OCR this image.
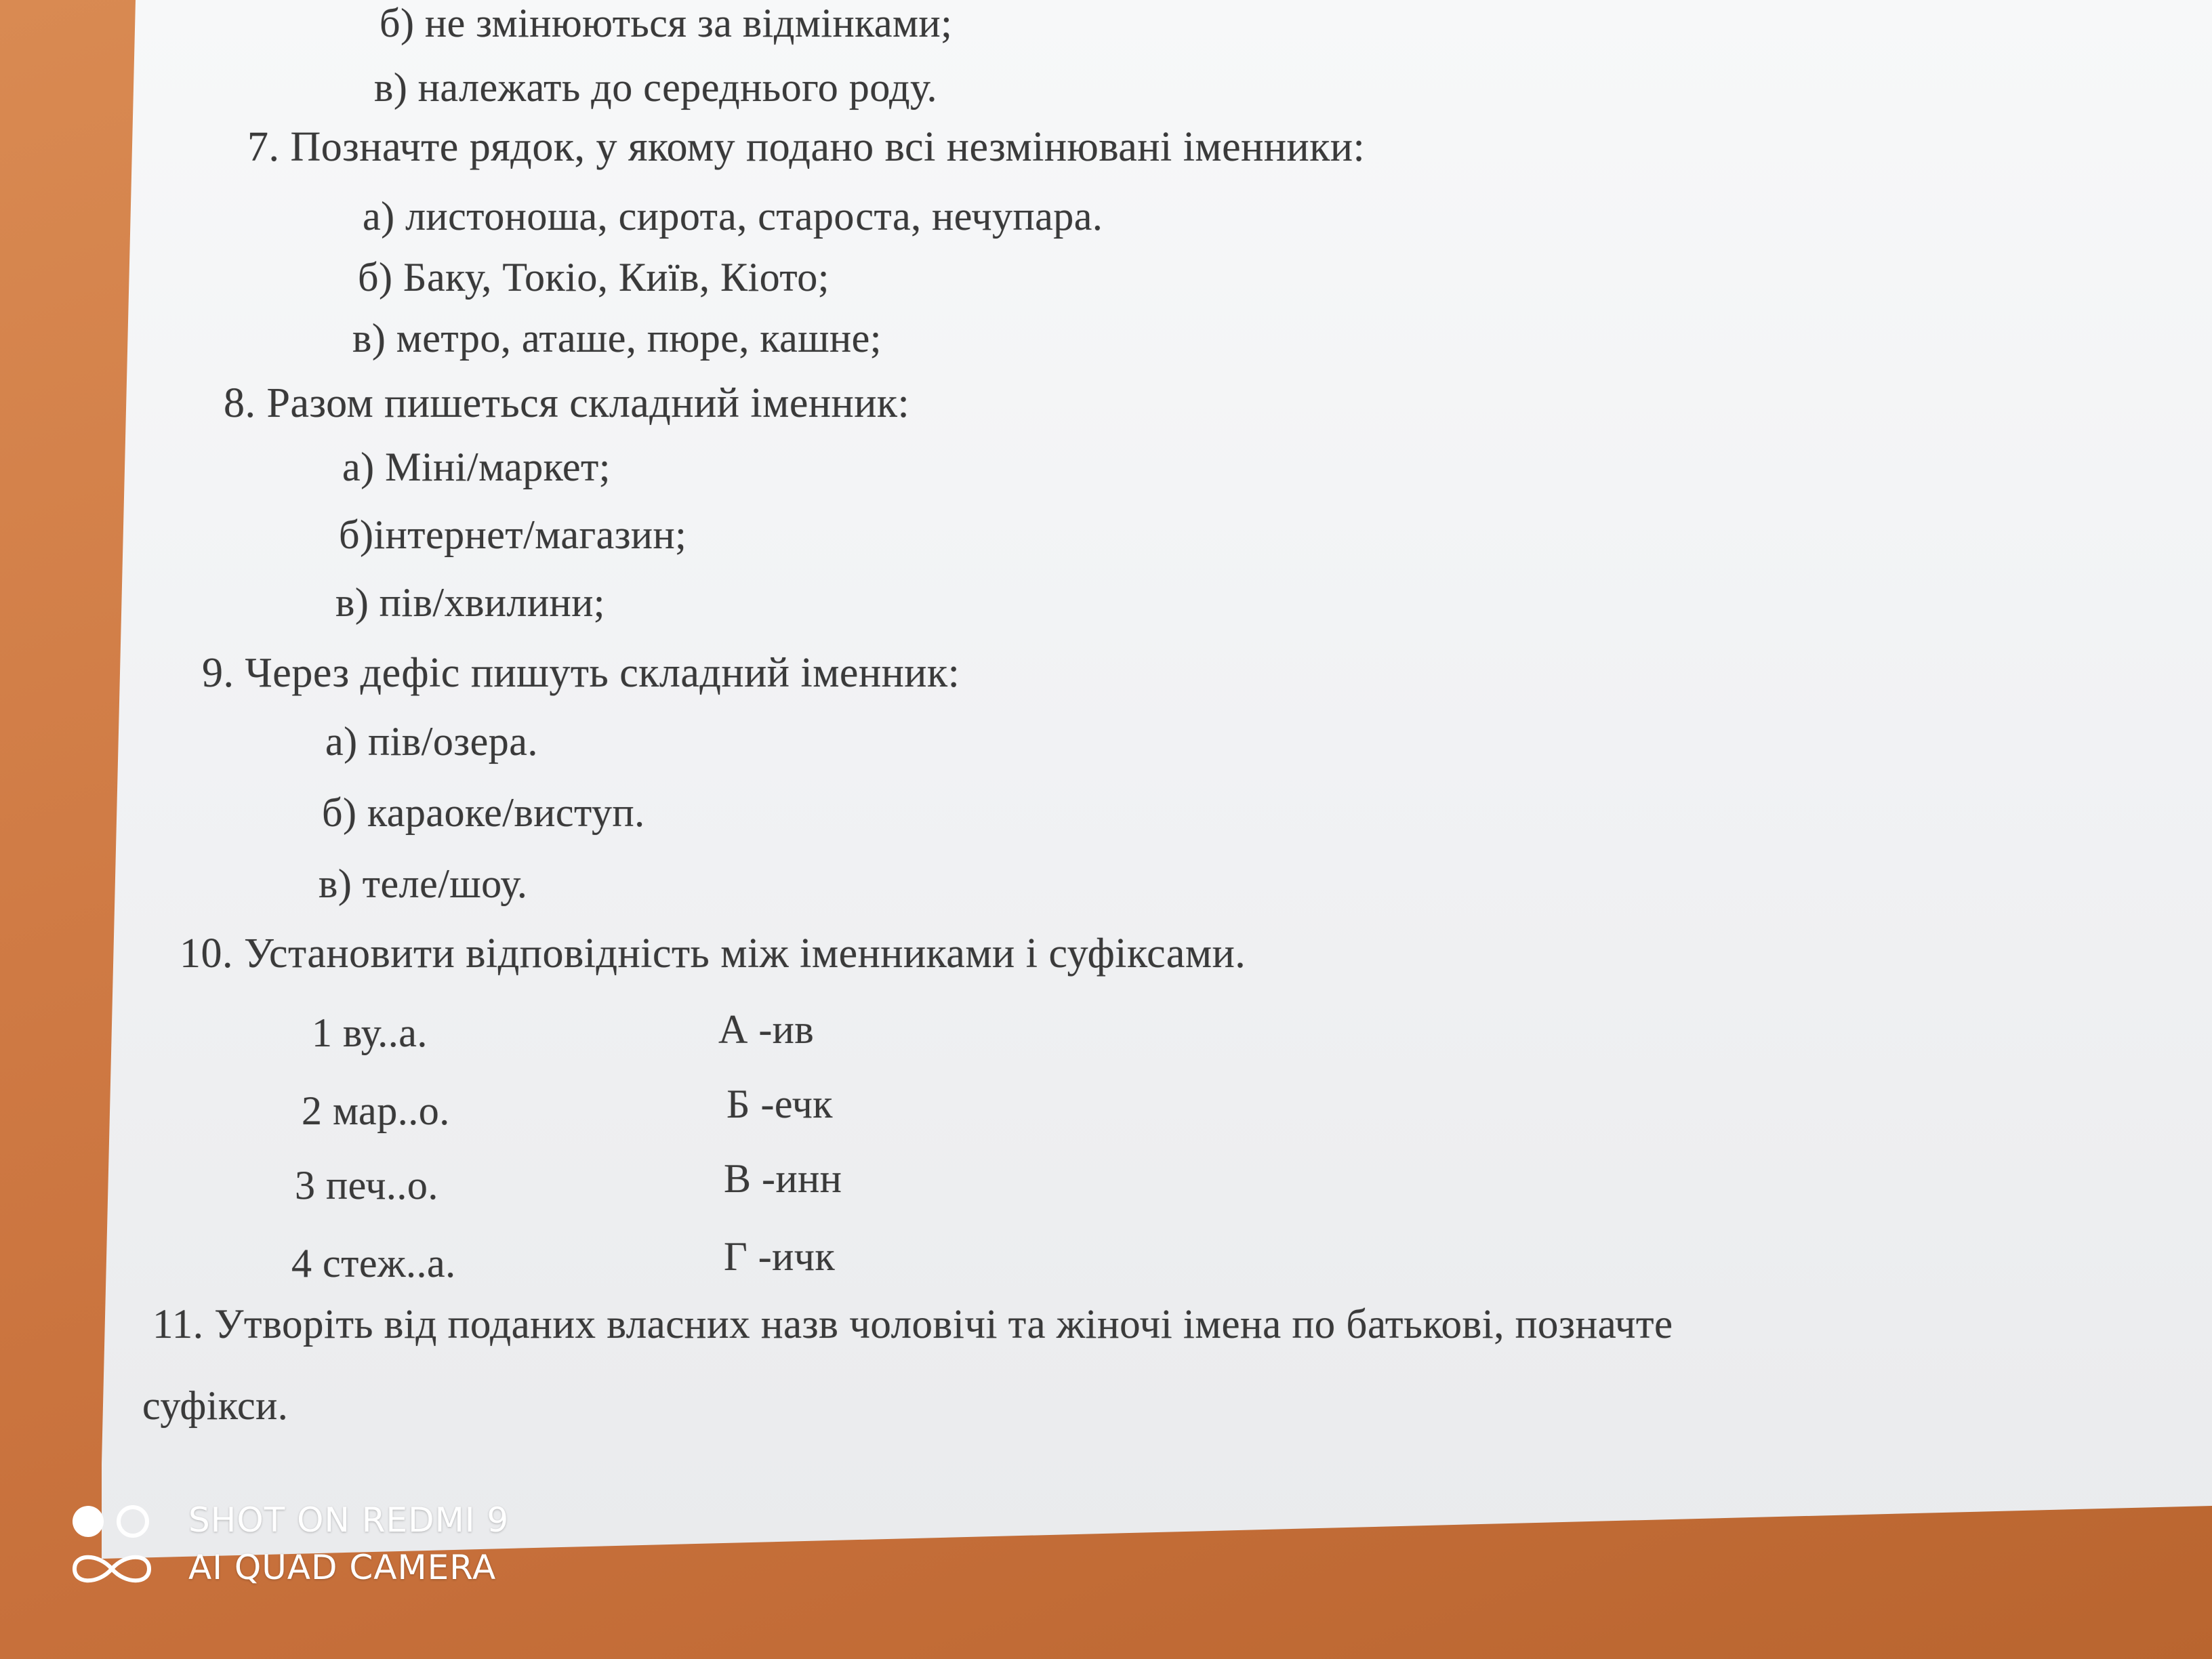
б) не змінюються за відмінками;
в) належать до середнього роду.
7. Позначте рядок, у якому подано всі незмінювані іменники:
а) листоноша, сирота, староста, нечупара.
б) Баку, Токіо, Київ, Кіото;
в) метро, аташе, пюре, кашне;
8. Разом пишеться складний іменник:
а) Міні/маркет;
б)інтернет/магазин;
в) пів/хвилини;
9. Через дефіс пишуть складний іменник:
а) пів/озера.
б) караоке/виступ.
в) теле/шоу.
10. Установити відповідність між іменниками і суфіксами.
1 ву..а.	А -ив
2 мар..о.	Б -ечк
3 печ..о.	В -инн
4 стеж..а.	Г -ичк
11. Утворіть від поданих власних назв чоловічі та жіночі імена по батькові, позначте
суфікси.
SHOT ON REDMI 9
AI QUAD CAMERA
